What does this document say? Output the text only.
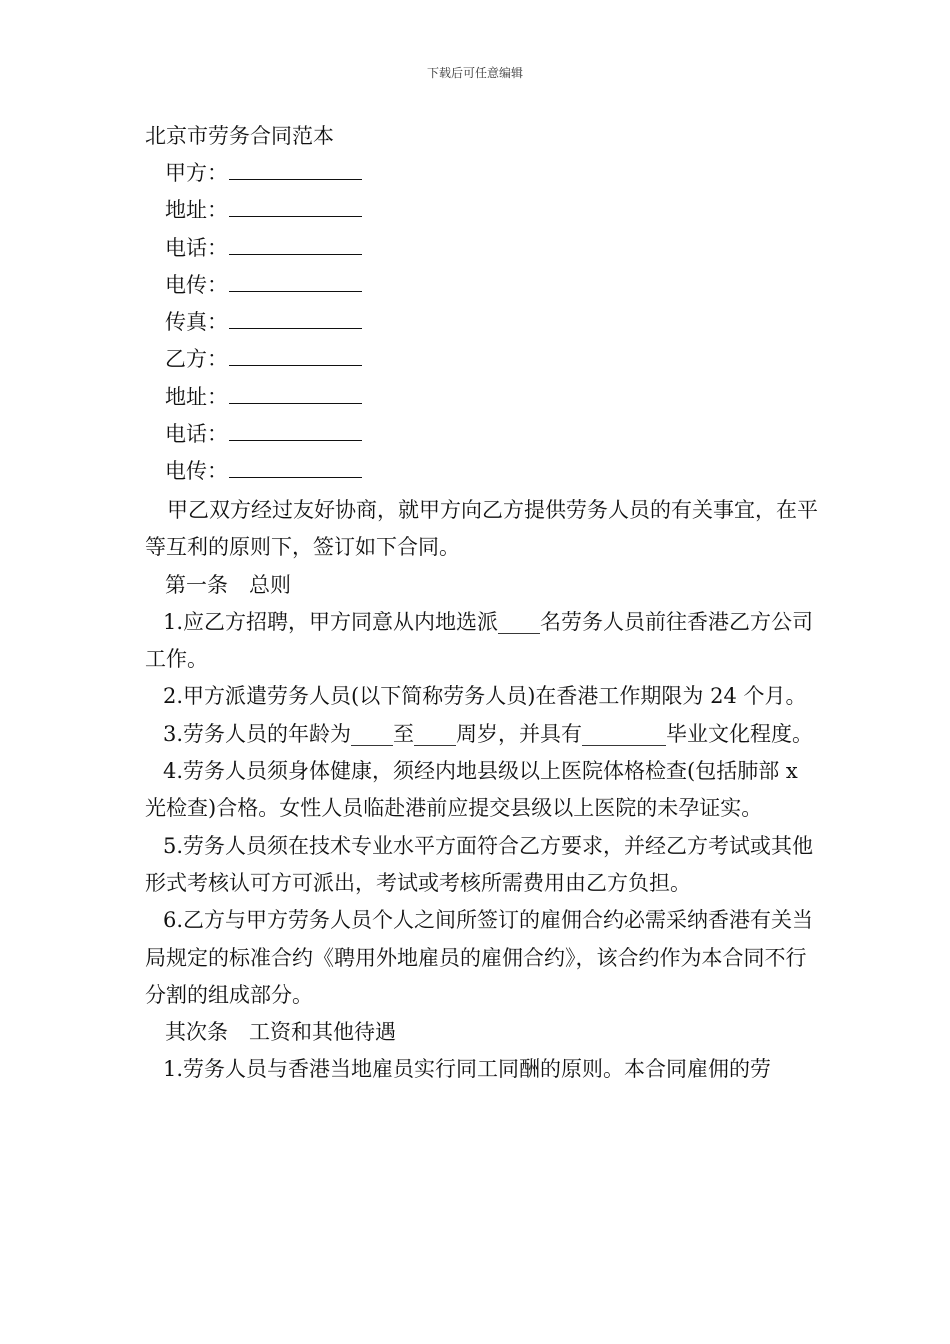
下载后可任意编辑
北京市劳务合同范本
甲方：
地址：
电话：
电传：
传真：
乙方：
地址：
电话：
电传：

甲乙双方经过友好协商，就甲方向乙方提供劳务人员的有关事宜，在平等互利的原则下，签订如下合同。

第一条　总则

1.应乙方招聘，甲方同意从内地选派____名劳务人员前往香港乙方公司工作。

2.甲方派遣劳务人员(以下简称劳务人员)在香港工作期限为 24 个月。

3.劳务人员的年龄为____至____周岁，并具有________毕业文化程度。

4.劳务人员须身体健康，须经内地县级以上医院体格检查(包括肺部 x 光检查)合格。女性人员临赴港前应提交县级以上医院的未孕证实。

5.劳务人员须在技术专业水平方面符合乙方要求，并经乙方考试或其他形式考核认可方可派出，考试或考核所需费用由乙方负担。

6.乙方与甲方劳务人员个人之间所签订的雇佣合约必需采纳香港有关当局规定的标准合约《聘用外地雇员的雇佣合约》，该合约作为本合同不行分割的组成部分。

其次条　工资和其他待遇

1.劳务人员与香港当地雇员实行同工同酬的原则。本合同雇佣的劳
